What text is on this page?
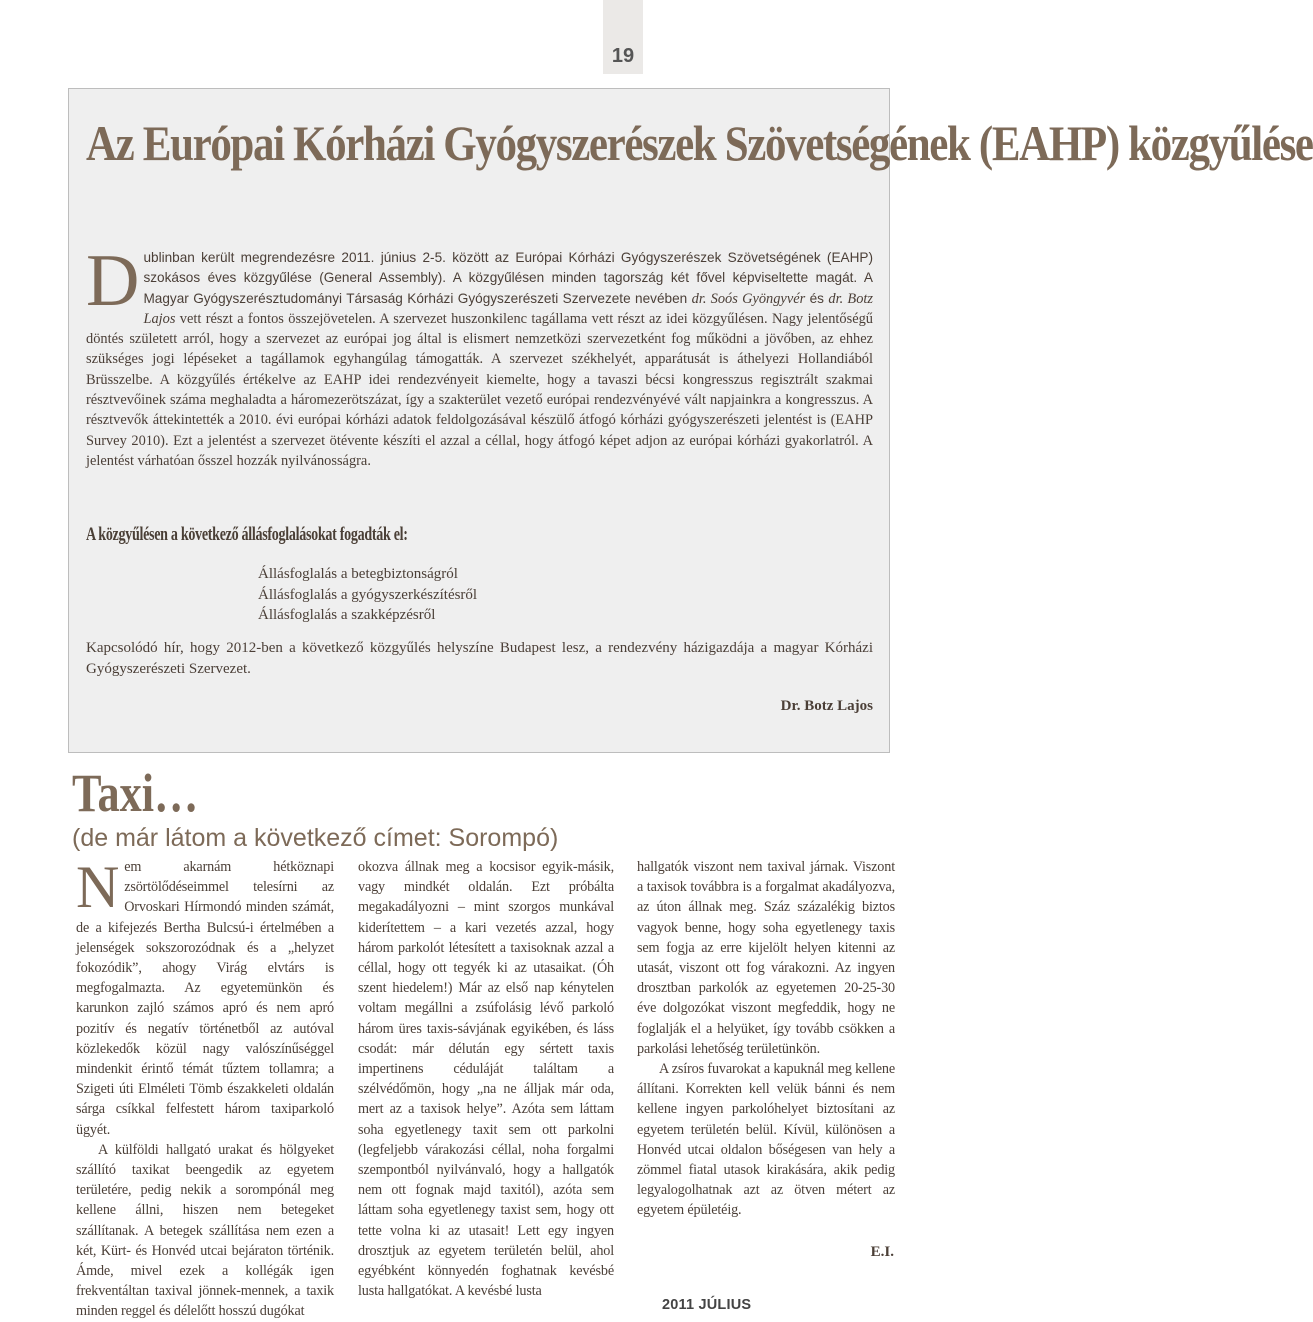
19
Az Európai Kórházi Gyógyszerészek Szövetségének (EAHP) közgyűlése

Dublinban került megrendezésre 2011. június 2-5. között az Európai Kórházi Gyógyszerészek Szövetségének (EAHP) szokásos éves közgyűlése (General Assembly). A közgyűlésen minden tagország két fővel képviseltette magát. A Magyar Gyógyszerésztudományi Társaság Kórházi Gyógyszerészeti Szervezete nevében dr. Soós Gyöngyvér és dr. Botz Lajos vett részt a fontos összejövetelen. A szervezet huszonkilenc tagállama vett részt az idei közgyűlésen. Nagy jelentőségű döntés született arról, hogy a szervezet az európai jog által is elismert nemzetközi szervezetként fog működni a jövőben, az ehhez szükséges jogi lépéseket a tagállamok egyhangúlag támogatták. A szervezet székhelyét, apparátusát is áthelyezi Hollandiából Brüsszelbe. A közgyűlés értékelve az EAHP idei rendezvényeit kiemelte, hogy a tavaszi bécsi kongresszus regisztrált szakmai résztvevőinek száma meghaladta a háromezerötszázat, így a szakterület vezető európai rendezvényévé vált napjainkra a kongresszus. A résztvevők áttekintették a 2010. évi európai kórházi adatok feldolgozásával készülő átfogó kórházi gyógyszerészeti jelentést is (EAHP Survey 2010). Ezt a jelentést a szervezet ötévente készíti el azzal a céllal, hogy átfogó képet adjon az európai kórházi gyakorlatról. A jelentést várhatóan ősszel hozzák nyilvánosságra.

A közgyűlésen a következő állásfoglalásokat fogadták el:
Állásfoglalás a betegbiztonságról
Állásfoglalás a gyógyszerkészítésről
Állásfoglalás a szakképzésről

Kapcsolódó hír, hogy 2012-ben a következő közgyűlés helyszíne Budapest lesz, a rendezvény házigazdája a magyar Kórházi Gyógyszerészeti Szervezet.

Dr. Botz Lajos

Taxi…

(de már látom a következő címet: Sorompó)

Nem akarnám hétköznapi zsörtölődéseimmel telesírni az Orvoskari Hírmondó minden számát, de a kifejezés Bertha Bulcsú-i értelmében a jelenségek sokszorozódnak és a „helyzet fokozódik”, ahogy Virág elvtárs is megfogalmazta. Az egyetemünkön és karunkon zajló számos apró és nem apró pozitív és negatív történetből az autóval közlekedők közül nagy valószínűséggel mindenkit érintő témát tűztem tollamra; a Szigeti úti Elméleti Tömb északkeleti oldalán sárga csíkkal felfestett három taxiparkoló ügyét.

A külföldi hallgató urakat és hölgyeket szállító taxikat beengedik az egyetem területére, pedig nekik a sorompónál meg kellene állni, hiszen nem betegeket szállítanak. A betegek szállítása nem ezen a két, Kürt- és Honvéd utcai bejáraton történik. Ámde, mivel ezek a kollégák igen frekventáltan taxival jönnek-mennek, a taxik minden reggel és délelőtt hosszú dugókat

okozva állnak meg a kocsisor egyik-másik, vagy mindkét oldalán. Ezt próbálta megakadályozni – mint szorgos munkával kiderítettem – a kari vezetés azzal, hogy három parkolót létesített a taxisoknak azzal a céllal, hogy ott tegyék ki az utasaikat. (Óh szent hiedelem!) Már az első nap kénytelen voltam megállni a zsúfolásig lévő parkoló három üres taxis-sávjának egyikében, és láss csodát: már délután egy sértett taxis impertinens céduláját találtam a szélvédőmön, hogy „na ne álljak már oda, mert az a taxisok helye”. Azóta sem láttam soha egyetlenegy taxit sem ott parkolni (legfeljebb várakozási céllal, noha forgalmi szempontból nyilvánvaló, hogy a hallgatók nem ott fognak majd taxitól), azóta sem láttam soha egyetlenegy taxist sem, hogy ott tette volna ki az utasait! Lett egy ingyen drosztjuk az egyetem területén belül, ahol egyébként könnyedén foghatnak kevésbé lusta hallgatókat. A kevésbé lusta

hallgatók viszont nem taxival járnak. Viszont a taxisok továbbra is a forgalmat akadályozva, az úton állnak meg. Száz százalékig biztos vagyok benne, hogy soha egyetlenegy taxis sem fogja az erre kijelölt helyen kitenni az utasát, viszont ott fog várakozni. Az ingyen drosztban parkolók az egyetemen 20-25-30 éve dolgozókat viszont megfeddik, hogy ne foglalják el a helyüket, így tovább csökken a parkolási lehetőség területünkön.

A zsíros fuvarokat a kapuknál meg kellene állítani. Korrekten kell velük bánni és nem kellene ingyen parkolóhelyet biztosítani az egyetem területén belül. Kívül, különösen a Honvéd utcai oldalon bőségesen van hely a zömmel fiatal utasok kirakására, akik pedig legyalogolhatnak azt az ötven métert az egyetem épületéig.

E.I.

2011 JÚLIUS
